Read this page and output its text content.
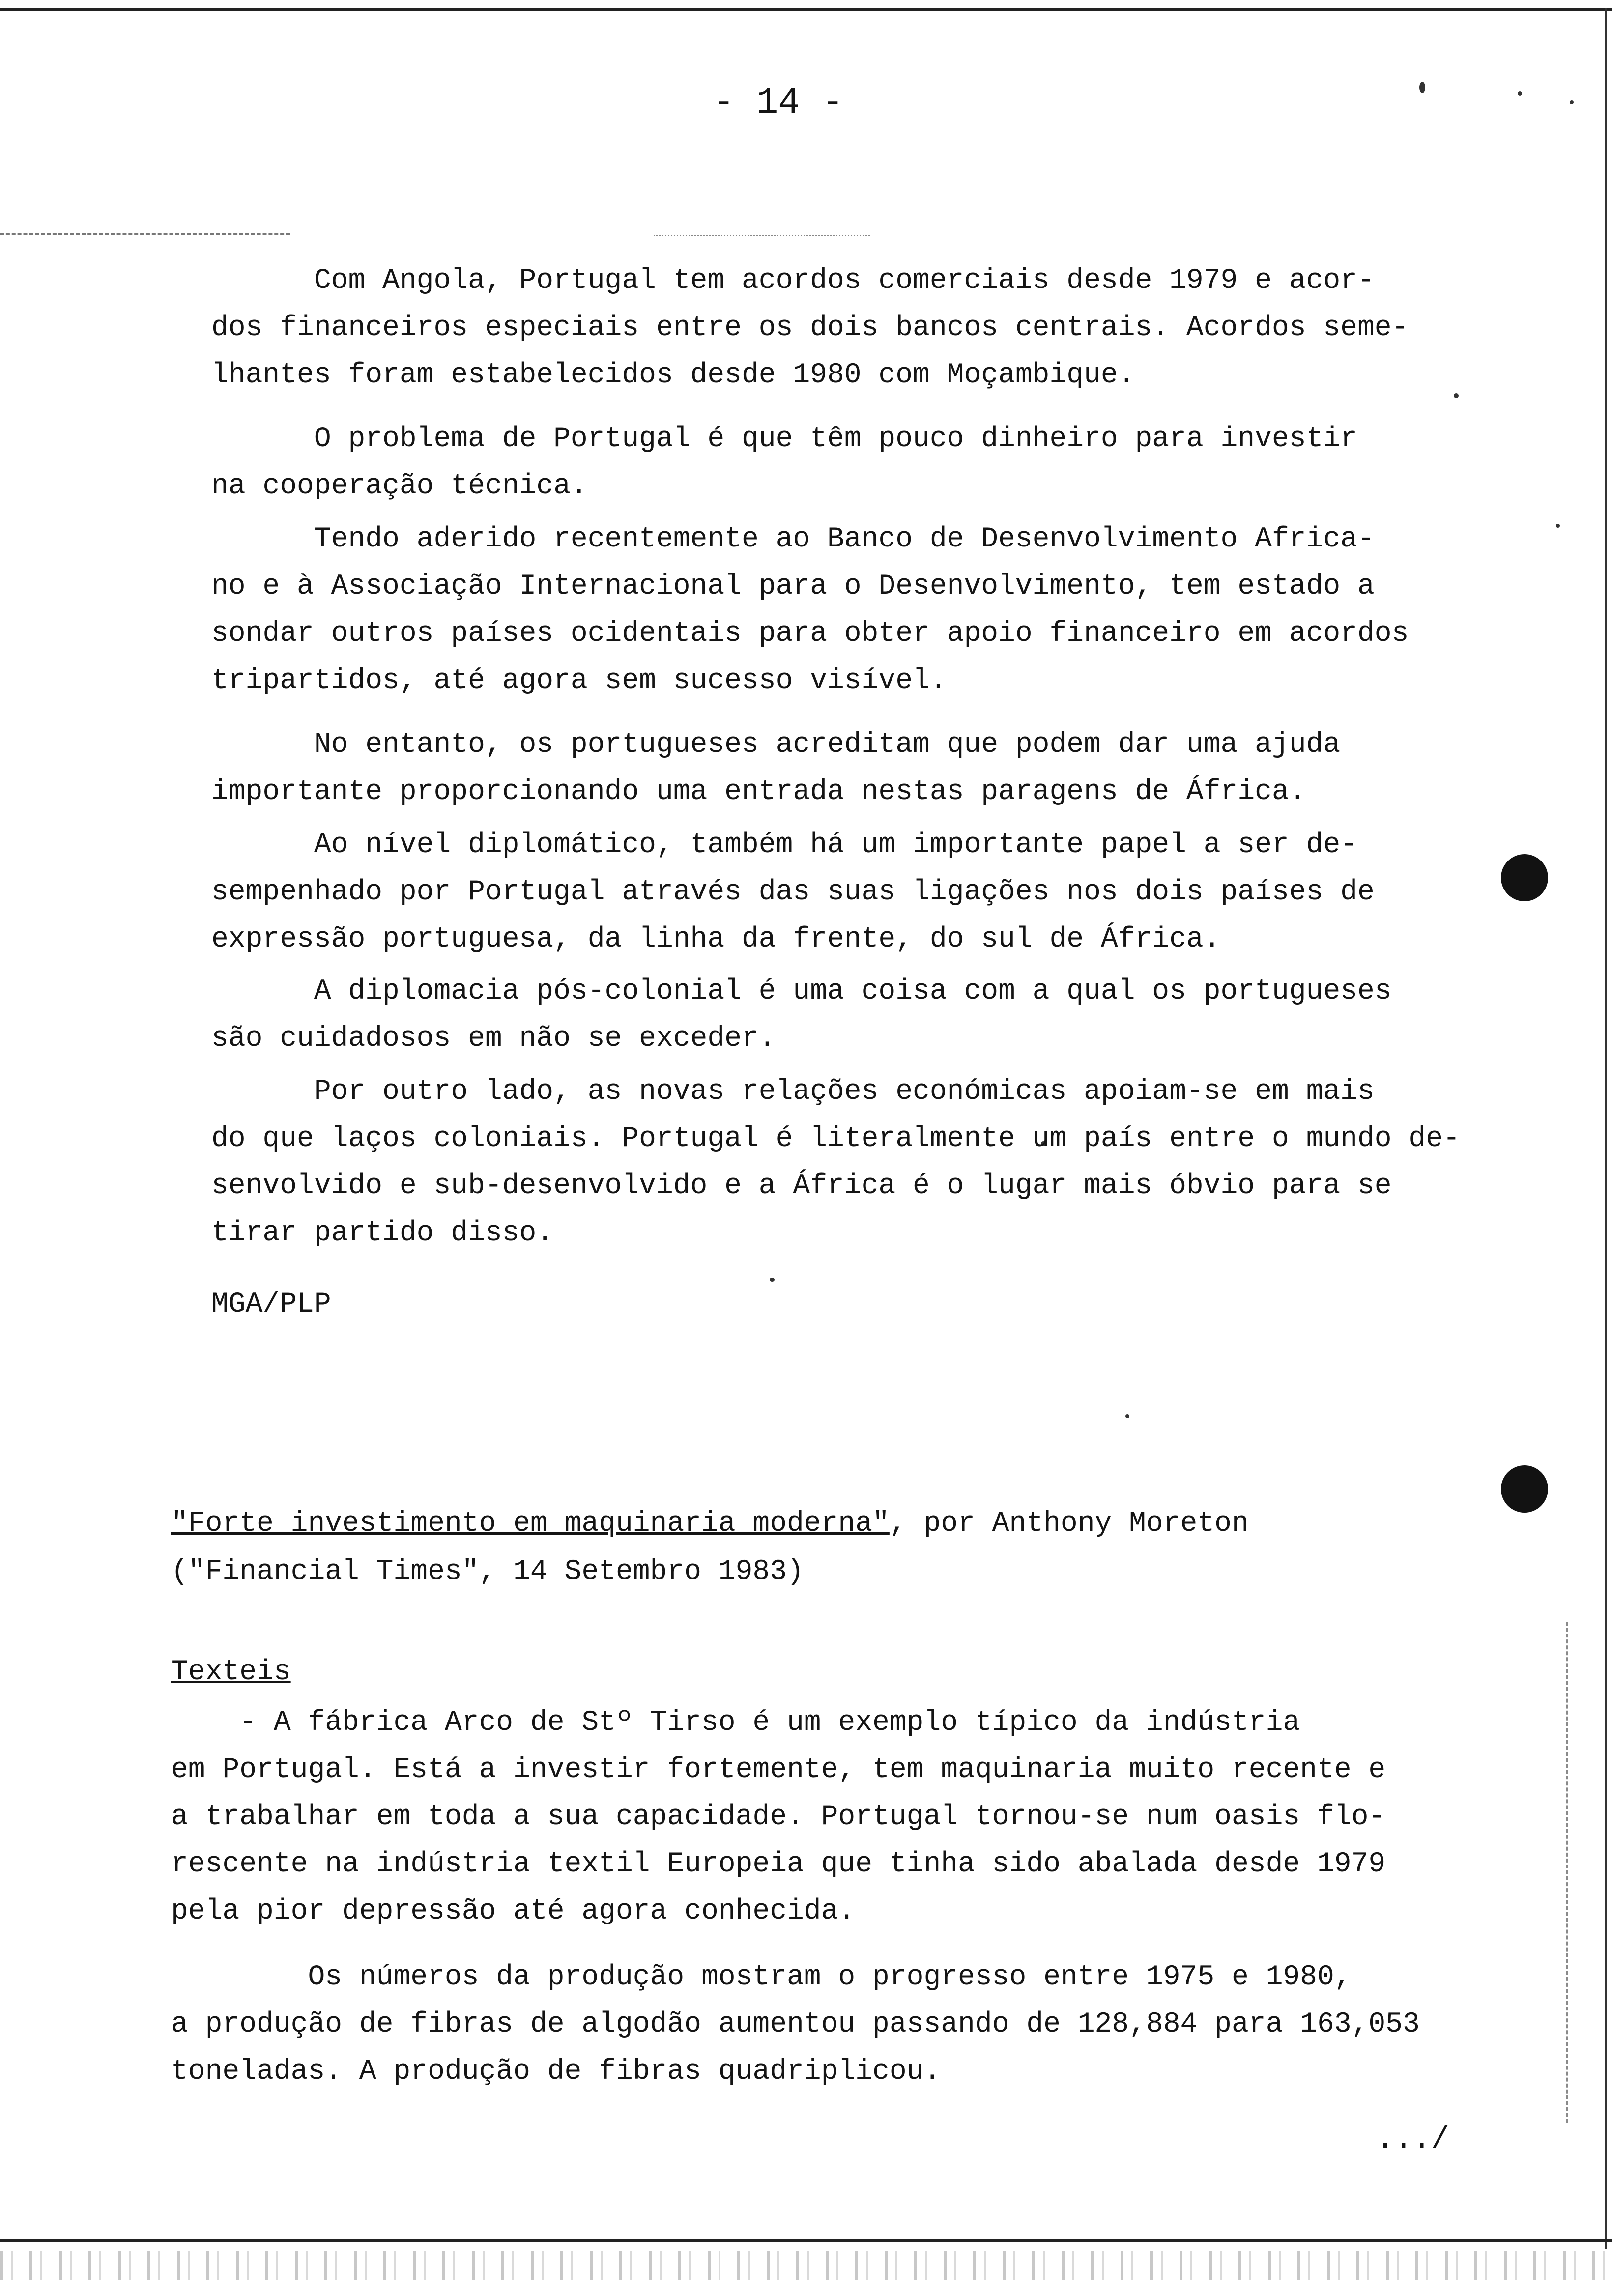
- 14 -

Com Angola, Portugal tem acordos comerciais desde 1979 e acor-
dos financeiros especiais entre os dois bancos centrais. Acordos seme-
lhantes foram estabelecidos desde 1980 com Moçambique.

O problema de Portugal é que têm pouco dinheiro para investir
na cooperação técnica.

Tendo aderido recentemente ao Banco de Desenvolvimento Africa-
no e à Associação Internacional para o Desenvolvimento, tem estado a
sondar outros países ocidentais para obter apoio financeiro em acordos
tripartidos, até agora sem sucesso visível.

No entanto, os portugueses acreditam que podem dar uma ajuda
importante proporcionando uma entrada nestas paragens de África.

Ao nível diplomático, também há um importante papel a ser de-
sempenhado por Portugal através das suas ligações nos dois países de
expressão portuguesa, da linha da frente, do sul de África.

A diplomacia pós-colonial é uma coisa com a qual os portugueses
são cuidadosos em não se exceder.

Por outro lado, as novas relações económicas apoiam-se em mais
do que laços coloniais. Portugal é literalmente um país entre o mundo de-
senvolvido e sub-desenvolvido e a África é o lugar mais óbvio para se
tirar partido disso.

MGA/PLP
"Forte investimento em maquinaria moderna", por Anthony Moreton
("Financial Times", 14 Setembro 1983)
Texteis

- A fábrica Arco de Stº Tirso é um exemplo típico da indústria
em Portugal. Está a investir fortemente, tem maquinaria muito recente e
a trabalhar em toda a sua capacidade. Portugal tornou-se num oasis flo-
rescente na indústria textil Europeia que tinha sido abalada desde 1979
pela pior depressão até agora conhecida.

Os números da produção mostram o progresso entre 1975 e 1980,
a produção de fibras de algodão aumentou passando de 128,884 para 163,053
toneladas. A produção de fibras quadriplicou.

.../
